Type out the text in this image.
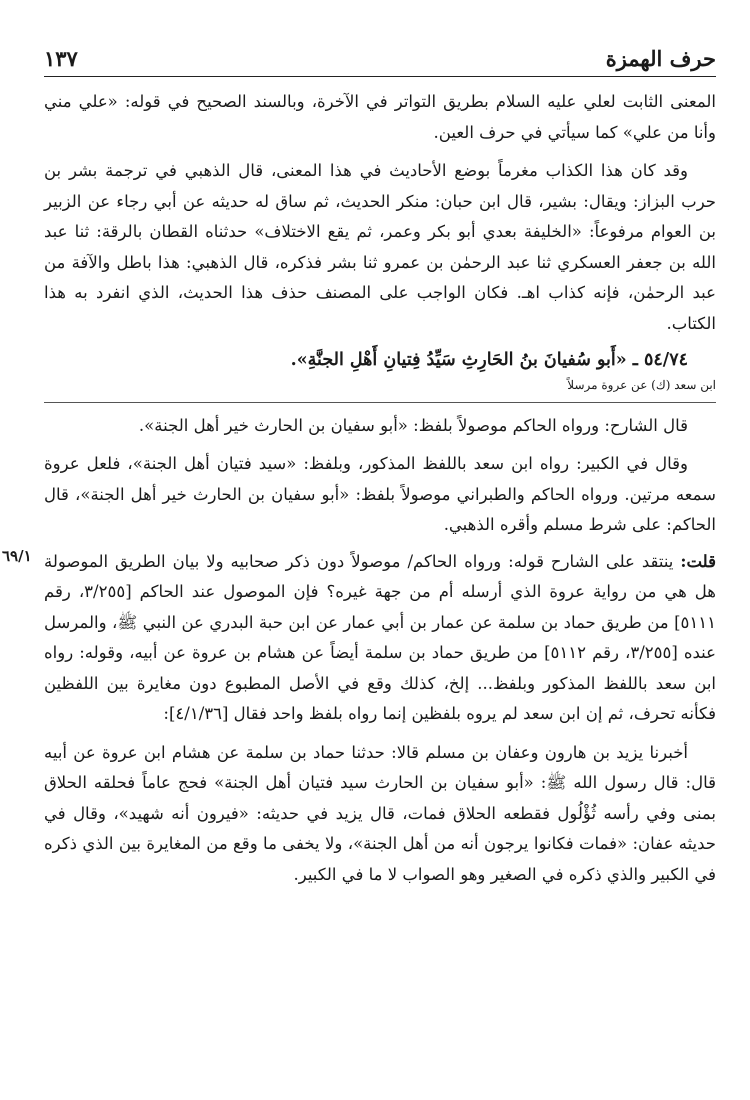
حرف الهمزة
١٣٧

المعنى الثابت لعلي عليه السلام بطريق التواتر في الآخرة، وبالسند الصحيح في قوله: «علي مني وأنا من علي» كما سيأتي في حرف العين.

وقد كان هذا الكذاب مغرماً بوضع الأحاديث في هذا المعنى، قال الذهبي في ترجمة بشر بن حرب البزاز: ويقال: بشير، قال ابن حبان: منكر الحديث، ثم ساق له حديثه عن أبي رجاء عن الزبير بن العوام مرفوعاً: «الخليفة بعدي أبو بكر وعمر، ثم يقع الاختلاف» حدثناه القطان بالرقة: ثنا عبد الله بن جعفر العسكري ثنا عبد الرحمٰن بن عمرو ثنا بشر فذكره، قال الذهبي: هذا باطل والآفة من عبد الرحمٰن، فإنه كذاب اهـ. فكان الواجب على المصنف حذف هذا الحديث، الذي انفرد به هذا الكتاب.

٥٤/٧٤ ـ «أَبو سُفيانَ بنُ الحَارِثِ سَيِّدُ فِتيانِ أَهْلِ الجنَّةِ».

ابن سعد (ك) عن عروة مرسلاً

قال الشارح: ورواه الحاكم موصولاً بلفظ: «أبو سفيان بن الحارث خير أهل الجنة».

وقال في الكبير: رواه ابن سعد باللفظ المذكور، وبلفظ: «سيد فتيان أهل الجنة»، فلعل عروة سمعه مرتين. ورواه الحاكم والطبراني موصولاً بلفظ: «أبو سفيان بن الحارث خير أهل الجنة»، قال الحاكم: على شرط مسلم وأقره الذهبي.

٦٩/١	قلت: ينتقد على الشارح قوله: ورواه الحاكم/ موصولاً دون ذكر صحابيه ولا بيان الطريق الموصولة هل هي من رواية عروة الذي أرسله أم من جهة غيره؟ فإن الموصول عند الحاكم [٣/٢٥٥، رقم ٥١١١] من طريق حماد بن سلمة عن عمار بن أبي عمار عن ابن حبة البدري عن النبي ﷺ، والمرسل عنده [٣/٢٥٥، رقم ٥١١٢] من طريق حماد بن سلمة أيضاً عن هشام بن عروة عن أبيه، وقوله: رواه ابن سعد باللفظ المذكور وبلفظ... إلخ، كذلك وقع في الأصل المطبوع دون مغايرة بين اللفظين فكأنه تحرف، ثم إن ابن سعد لم يروه بلفظين إنما رواه بلفظ واحد فقال [٤/١/٣٦]:

أخبرنا يزيد بن هارون وعفان بن مسلم قالا: حدثنا حماد بن سلمة عن هشام ابن عروة عن أبيه قال: قال رسول الله ﷺ: «أبو سفيان بن الحارث سيد فتيان أهل الجنة» فحج عاماً فحلقه الحلاق بمنى وفي رأسه ثُؤْلُول فقطعه الحلاق فمات، قال يزيد في حديثه: «فيرون أنه شهيد»، وقال في حديثه عفان: «فمات فكانوا يرجون أنه من أهل الجنة»، ولا يخفى ما وقع من المغايرة بين الذي ذكره في الكبير والذي ذكره في الصغير وهو الصواب لا ما في الكبير.
